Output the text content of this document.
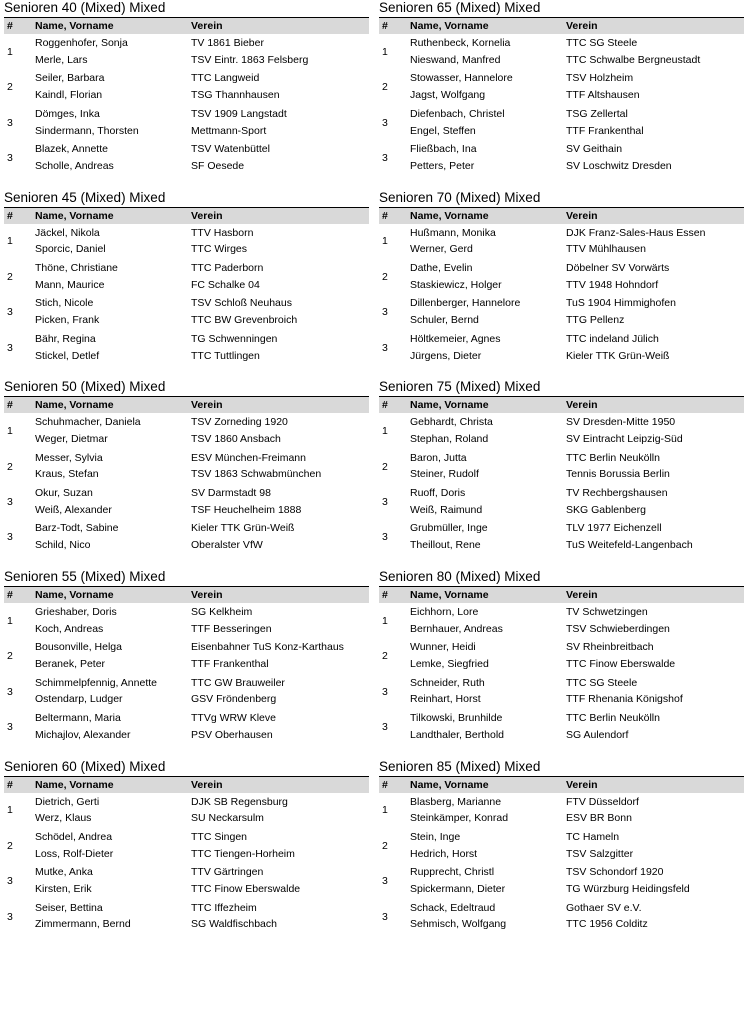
Senioren 40 (Mixed) Mixed
#	Name, Vorname	Verein
1	Roggenhofer, Sonja	TV 1861 Bieber
	Merle, Lars	TSV Eintr. 1863 Felsberg
2	Seiler, Barbara	TTC Langweid
	Kaindl, Florian	TSG Thannhausen
3	Dömges, Inka	TSV 1909 Langstadt
	Sindermann, Thorsten	Mettmann-Sport
3	Blazek, Annette	TSV Watenbüttel
	Scholle, Andreas	SF Oesede
Senioren 45 (Mixed) Mixed
#	Name, Vorname	Verein
1	Jäckel, Nikola	TTV Hasborn
	Sporcic, Daniel	TTC Wirges
2	Thöne, Christiane	TTC Paderborn
	Mann, Maurice	FC Schalke 04
3	Stich, Nicole	TSV Schloß Neuhaus
	Picken, Frank	TTC BW Grevenbroich
3	Bähr, Regina	TG Schwenningen
	Stickel, Detlef	TTC Tuttlingen
Senioren 50 (Mixed) Mixed
#	Name, Vorname	Verein
1	Schuhmacher, Daniela	TSV Zorneding 1920
	Weger, Dietmar	TSV 1860 Ansbach
2	Messer, Sylvia	ESV München-Freimann
	Kraus, Stefan	TSV 1863 Schwabmünchen
3	Okur, Suzan	SV Darmstadt 98
	Weiß, Alexander	TSF Heuchelheim 1888
3	Barz-Todt, Sabine	Kieler TTK Grün-Weiß
	Schild, Nico	Oberalster VfW
Senioren 55 (Mixed) Mixed
#	Name, Vorname	Verein
1	Grieshaber, Doris	SG Kelkheim
	Koch, Andreas	TTF Besseringen
2	Bousonville, Helga	Eisenbahner TuS Konz-Karthaus
	Beranek, Peter	TTF Frankenthal
3	Schimmelpfennig, Annette	TTC GW Brauweiler
	Ostendarp, Ludger	GSV Fröndenberg
3	Beltermann, Maria	TTVg WRW Kleve
	Michajlov, Alexander	PSV Oberhausen
Senioren 60 (Mixed) Mixed
#	Name, Vorname	Verein
1	Dietrich, Gerti	DJK SB Regensburg
	Werz, Klaus	SU Neckarsulm
2	Schödel, Andrea	TTC Singen
	Loss, Rolf-Dieter	TTC Tiengen-Horheim
3	Mutke, Anka	TTV Gärtringen
	Kirsten, Erik	TTC Finow Eberswalde
3	Seiser, Bettina	TTC Iffezheim
	Zimmermann, Bernd	SG Waldfischbach
Senioren 65 (Mixed) Mixed
#	Name, Vorname	Verein
1	Ruthenbeck, Kornelia	TTC SG Steele
	Nieswand, Manfred	TTC Schwalbe Bergneustadt
2	Stowasser, Hannelore	TSV Holzheim
	Jagst, Wolfgang	TTF Altshausen
3	Diefenbach, Christel	TSG Zellertal
	Engel, Steffen	TTF Frankenthal
3	Fließbach, Ina	SV Geithain
	Petters, Peter	SV Loschwitz Dresden
Senioren 70 (Mixed) Mixed
#	Name, Vorname	Verein
1	Hußmann, Monika	DJK Franz-Sales-Haus Essen
	Werner, Gerd	TTV Mühlhausen
2	Dathe, Evelin	Döbelner SV Vorwärts
	Staskiewicz, Holger	TTV 1948 Hohndorf
3	Dillenberger, Hannelore	TuS 1904 Himmighofen
	Schuler, Bernd	TTG Pellenz
3	Höltkemeier, Agnes	TTC indeland Jülich
	Jürgens, Dieter	Kieler TTK Grün-Weiß
Senioren 75 (Mixed) Mixed
#	Name, Vorname	Verein
1	Gebhardt, Christa	SV Dresden-Mitte 1950
	Stephan, Roland	SV Eintracht Leipzig-Süd
2	Baron, Jutta	TTC Berlin Neukölln
	Steiner, Rudolf	Tennis Borussia Berlin
3	Ruoff, Doris	TV Rechbergshausen
	Weiß, Raimund	SKG Gablenberg
3	Grubmüller, Inge	TLV 1977 Eichenzell
	Theillout, Rene	TuS Weitefeld-Langenbach
Senioren 80 (Mixed) Mixed
#	Name, Vorname	Verein
1	Eichhorn, Lore	TV Schwetzingen
	Bernhauer, Andreas	TSV Schwieberdingen
2	Wunner, Heidi	SV Rheinbreitbach
	Lemke, Siegfried	TTC Finow Eberswalde
3	Schneider, Ruth	TTC SG Steele
	Reinhart, Horst	TTF Rhenania Königshof
3	Tilkowski, Brunhilde	TTC Berlin Neukölln
	Landthaler, Berthold	SG Aulendorf
Senioren 85 (Mixed) Mixed
#	Name, Vorname	Verein
1	Blasberg, Marianne	FTV Düsseldorf
	Steinkämper, Konrad	ESV BR Bonn
2	Stein, Inge	TC Hameln
	Hedrich, Horst	TSV Salzgitter
3	Rupprecht, Christl	TSV Schondorf 1920
	Spickermann, Dieter	TG Würzburg Heidingsfeld
3	Schack, Edeltraud	Gothaer SV e.V.
	Sehmisch, Wolfgang	TTC 1956 Colditz
